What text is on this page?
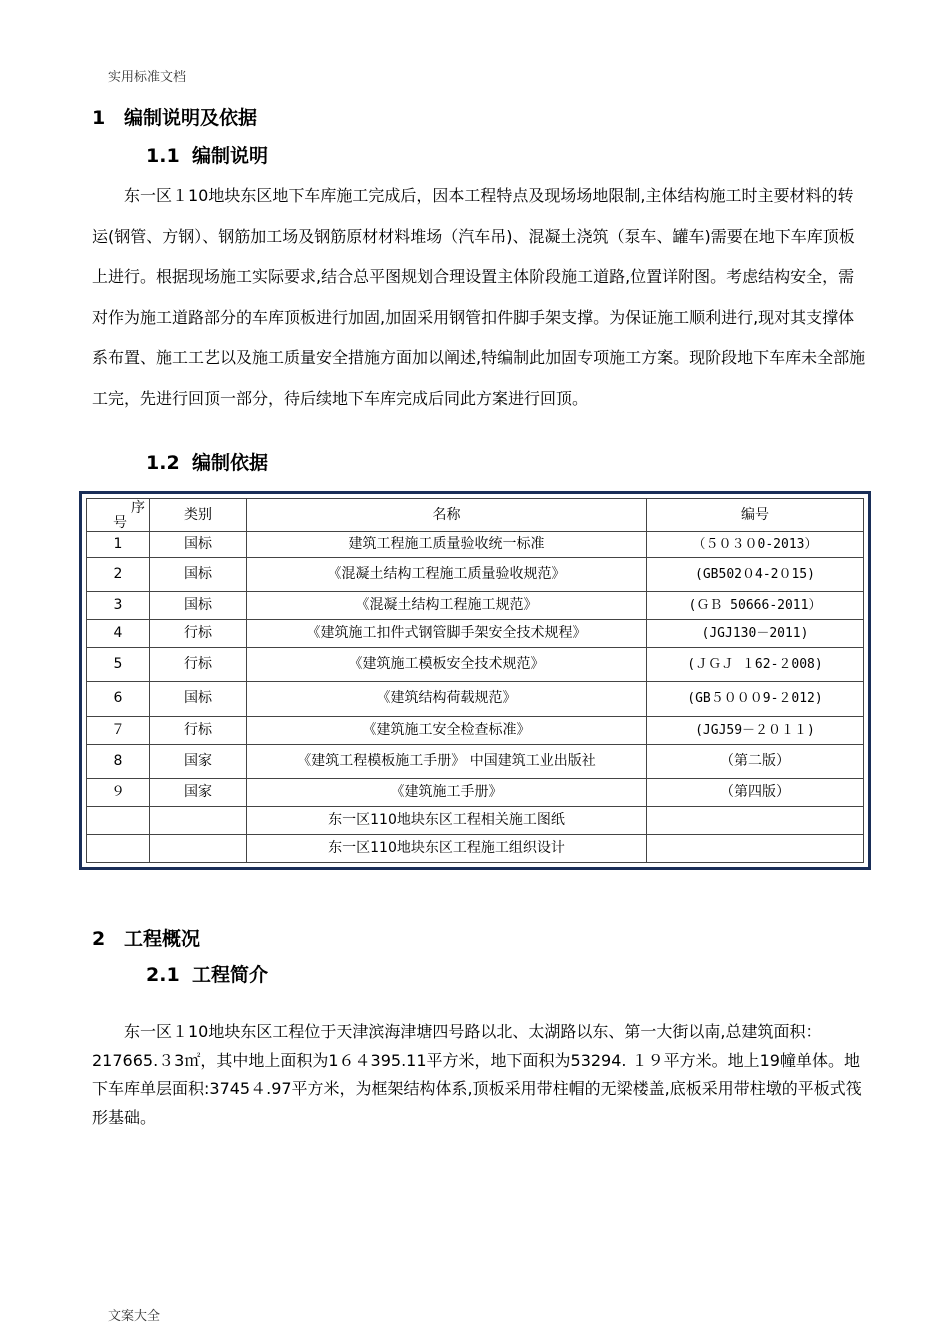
实用标准文档
1 编制说明及依据
1.1 编制说明
东一区１10地块东区地下车库施工完成后，因本工程特点及现场场地限制,主体结构施工时主要材料的转运(钢管、方钢）、钢筋加工场及钢筋原材材料堆场（汽车吊)、混凝土浇筑（泵车、罐车)需要在地下车库顶板上进行。根据现场施工实际要求,结合总平图规划合理设置主体阶段施工道路,位置详附图。考虑结构安全，需对作为施工道路部分的车库顶板进行加固,加固采用钢管扣件脚手架支撑。为保证施工顺利进行,现对其支撑体系布置、施工工艺以及施工质量安全措施方面加以阐述,特编制此加固专项施工方案。现阶段地下车库未全部施工完，先进行回顶一部分，待后续地下车库完成后同此方案进行回顶。
1.2 编制依据
序
号	类别	名称	编号
1	国标	建筑工程施工质量验收统一标准	（５０３０0-2013）
2	国标	《混凝土结构工程施工质量验收规范》	(GB502０4-2０15)
3	国标	《混凝土结构工程施工规范》	(ＧＢ 50666-2011）
4	行标	《建筑施工扣件式钢管脚手架安全技术规程》	(JGJ130－2011)
5	行标	《建筑施工模板安全技术规范》	(ＪＧＪ １62-２008)
6	国标	《建筑结构荷载规范》	(GB５０００9-２012)
７	行标	《建筑施工安全检查标准》	(JGJ59－２０１１)
8	国家	《建筑工程模板施工手册》 中国建筑工业出版社	（第二版）
９	国家	《建筑施工手册》	（第四版）
		东一区110地块东区工程相关施工图纸	
		东一区110地块东区工程施工组织设计	
2 工程概况
2.1 工程简介
东一区１10地块东区工程位于天津滨海津塘四号路以北、太湖路以东、第一大街以南,总建筑面积：217665.３3㎡，其中地上面积为1６４395.11平方米，地下面积为53294. １９平方米。地上19幢单体。地下车库单层面积:3745４.97平方米，为框架结构体系,顶板采用带柱帽的无梁楼盖,底板采用带柱墩的平板式筏形基础。
文案大全
